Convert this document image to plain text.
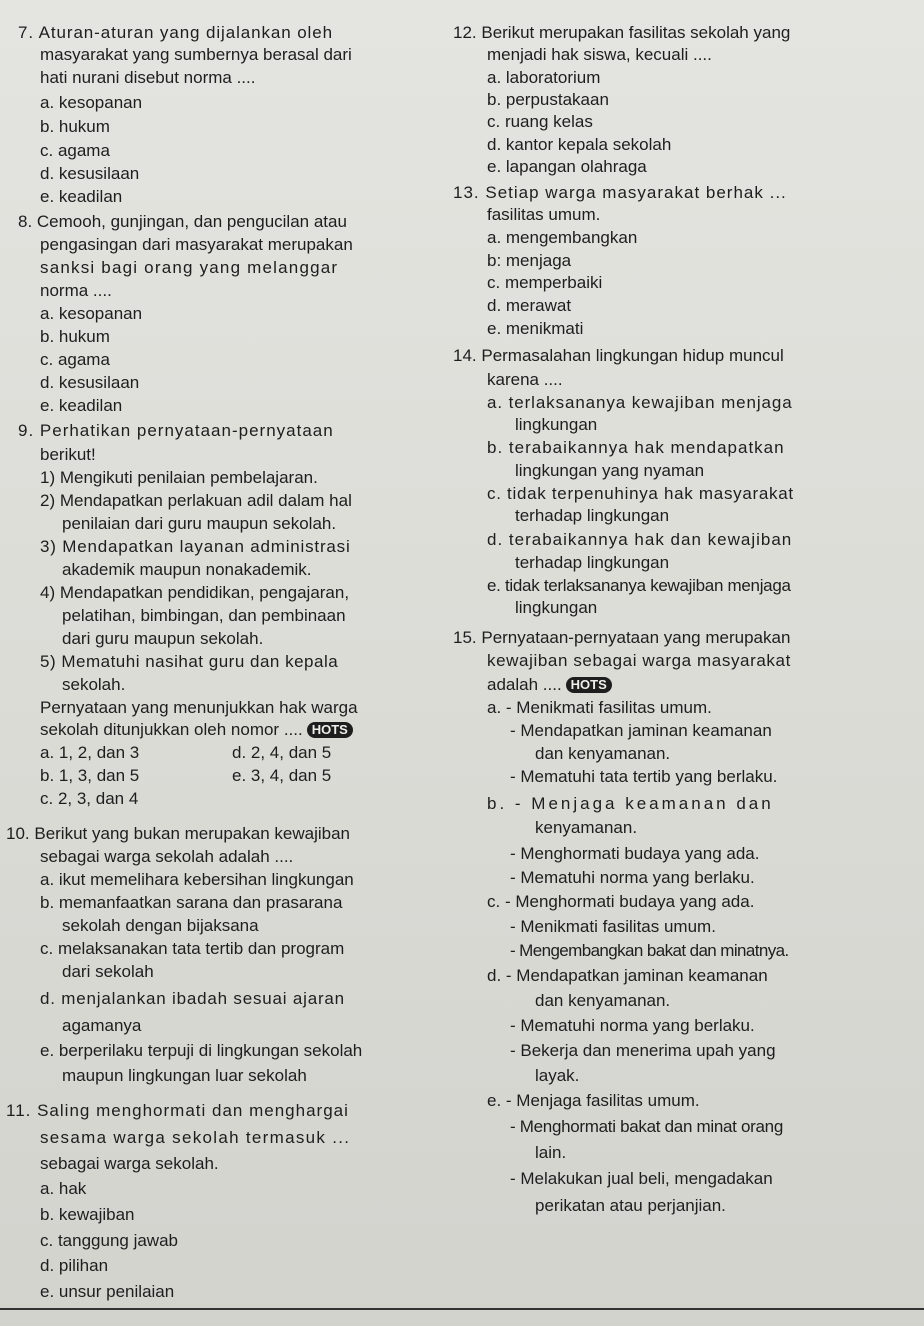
7. Aturan-aturan yang dijalankan oleh
masyarakat yang sumbernya berasal dari
hati nurani disebut norma ....
a. kesopanan
b. hukum
c. agama
d. kesusilaan
e. keadilan
8. Cemooh, gunjingan, dan pengucilan atau
pengasingan dari masyarakat merupakan
sanksi bagi orang yang melanggar
norma ....
a. kesopanan
b. hukum
c. agama
d. kesusilaan
e. keadilan
9. Perhatikan pernyataan-pernyataan
berikut!
1) Mengikuti penilaian pembelajaran.
2) Mendapatkan perlakuan adil dalam hal
penilaian dari guru maupun sekolah.
3) Mendapatkan layanan administrasi
akademik maupun nonakademik.
4) Mendapatkan pendidikan, pengajaran,
pelatihan, bimbingan, dan pembinaan
dari guru maupun sekolah.
5) Mematuhi nasihat guru dan kepala
sekolah.
Pernyataan yang menunjukkan hak warga
sekolah ditunjukkan oleh nomor .... HOTS
a. 1, 2, dan 3
b. 1, 3, dan 5
c. 2, 3, dan 4
d. 2, 4, dan 5
e. 3, 4, dan 5
10. Berikut yang bukan merupakan kewajiban
sebagai warga sekolah adalah ....
a. ikut memelihara kebersihan lingkungan
b. memanfaatkan sarana dan prasarana
sekolah dengan bijaksana
c. melaksanakan tata tertib dan program
dari sekolah
d. menjalankan ibadah sesuai ajaran
agamanya
e. berperilaku terpuji di lingkungan sekolah
maupun lingkungan luar sekolah
11. Saling menghormati dan menghargai
sesama warga sekolah termasuk ...
sebagai warga sekolah.
a. hak
b. kewajiban
c. tanggung jawab
d. pilihan
e. unsur penilaian
12. Berikut merupakan fasilitas sekolah yang
menjadi hak siswa, kecuali ....
a. laboratorium
b. perpustakaan
c. ruang kelas
d. kantor kepala sekolah
e. lapangan olahraga
13. Setiap warga masyarakat berhak ...
fasilitas umum.
a. mengembangkan
b: menjaga
c. memperbaiki
d. merawat
e. menikmati
14. Permasalahan lingkungan hidup muncul
karena ....
a. terlaksananya kewajiban menjaga
lingkungan
b. terabaikannya hak mendapatkan
lingkungan yang nyaman
c. tidak terpenuhinya hak masyarakat
terhadap lingkungan
d. terabaikannya hak dan kewajiban
terhadap lingkungan
e. tidak terlaksananya kewajiban menjaga
lingkungan
15. Pernyataan-pernyataan yang merupakan
kewajiban sebagai warga masyarakat
adalah .... HOTS
a. - Menikmati fasilitas umum.
- Mendapatkan jaminan keamanan
dan kenyamanan.
- Mematuhi tata tertib yang berlaku.
b. - Menjaga keamanan dan
kenyamanan.
- Menghormati budaya yang ada.
- Mematuhi norma yang berlaku.
c. - Menghormati budaya yang ada.
- Menikmati fasilitas umum.
- Mengembangkan bakat dan minatnya.
d. - Mendapatkan jaminan keamanan
dan kenyamanan.
- Mematuhi norma yang berlaku.
- Bekerja dan menerima upah yang
layak.
e. - Menjaga fasilitas umum.
- Menghormati bakat dan minat orang
lain.
- Melakukan jual beli, mengadakan
perikatan atau perjanjian.
